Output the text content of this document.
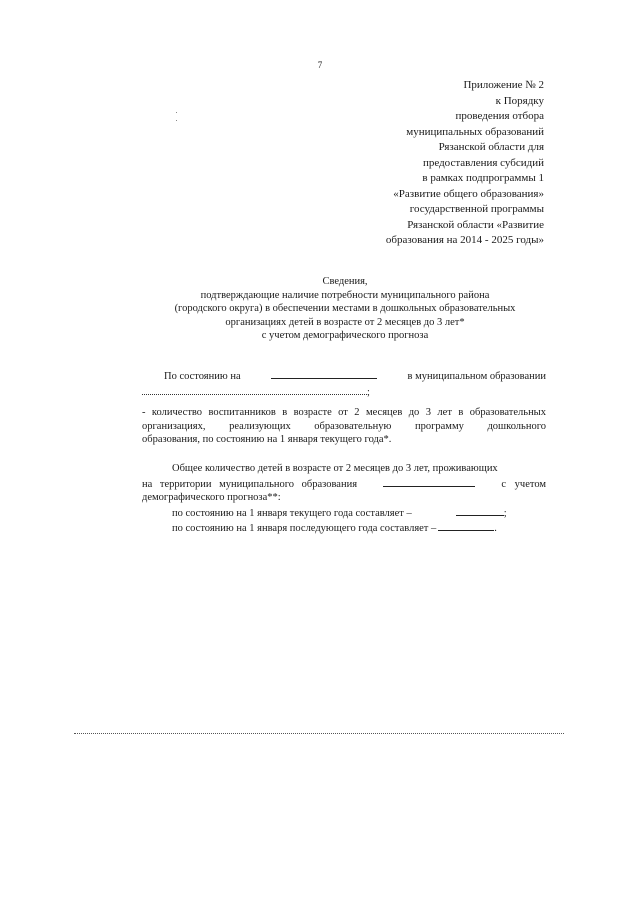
7
Приложение № 2
к Порядку
проведения отбора
муниципальных образований
Рязанской области для
предоставления субсидий
в рамках подпрограммы 1
«Развитие общего образования»
государственной программы
Рязанской области «Развитие
образования на 2014 - 2025 годы»
Сведения,
подтверждающие наличие потребности муниципального района
(городского округа) в обеспечении местами в дошкольных образовательных
организациях детей в возрасте от 2 месяцев до 3 лет*
с учетом демографического прогноза
По состоянию на	в муниципальном образовании
;
- количество воспитанников в возрасте от 2 месяцев до 3 лет в образовательных
организациях, реализующих образовательную программу дошкольного
образования, по состоянию на 1 января текущего года*.
Общее количество детей в возрасте от 2 месяцев до 3 лет, проживающих
на территории муниципального образования	с учетом
демографического прогноза**:
по состоянию на 1 января текущего года составляет –	;
по состоянию на 1 января последующего года составляет –	.
